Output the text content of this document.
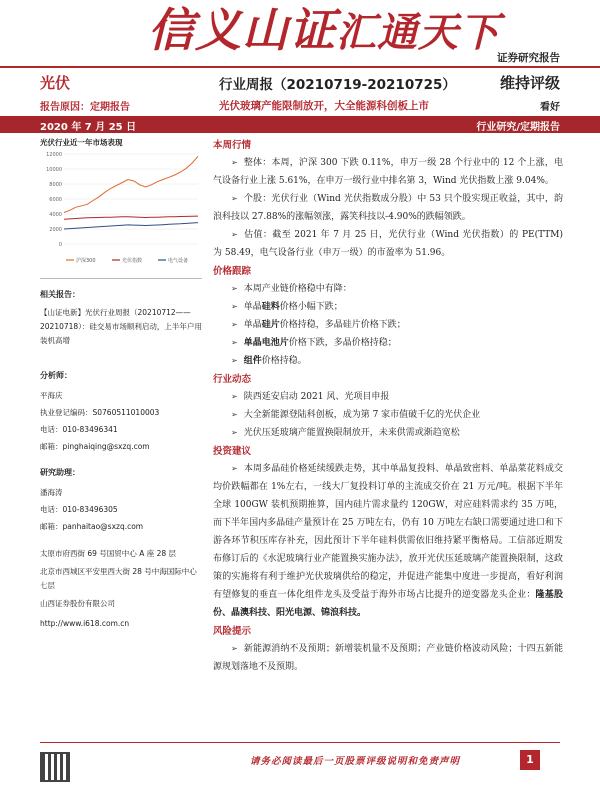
信义山证汇通天下
证券研究报告
光伏	行业周报（20210719-20210725）	维持评级
报告原因：定期报告	光伏玻璃产能限制放开，大全能源科创板上市	看好
2020 年 7 月 25 日	行业研究/定期报告
光伏行业近一年市场表现
12000
10000
8000
6000
4000
2000
0
沪深300	光伏指数	电气设备
相关报告：
【山证电新】光伏行业周报（20210712——20210718）：硅交易市场顺利启动，上半年户用装机高增
分析师：
平海庆
执业登记编码：S0760511010003
电话：010-83496341
邮箱：pinghaiqing@sxzq.com
研究助理：
潘海涛
电话：010-83496305
邮箱：panhaitao@sxzq.com
太原市府西街 69 号国贸中心 A 座 28 层
北京市西城区平安里西大街 28 号中海国际中心七层
山西证券股份有限公司
http://www.i618.com.cn
本周行情
➢ 整体：本周，沪深 300 下跌 0.11%，申万一级 28 个行业中的 12 个上涨，电气设备行业上涨 5.61%，在申万一级行业中排名第 3，Wind 光伏指数上涨 9.04%。
➢ 个股：光伏行业（Wind 光伏指数成分股）中 53 只个股实现正收益，其中，韵浪科技以 27.88%的涨幅领涨，露笑科技以-4.90%的跌幅领跌。
➢ 估值：截至 2021 年 7 月 25 日，光伏行业（Wind 光伏指数）的 PE(TTM) 为 58.49，电气设备行业（申万一级）的市盈率为 51.96。
价格跟踪
➢ 本周产业链价格稳中有降：
➢ 单晶硅料价格小幅下跌；
➢ 单晶硅片价格持稳，多晶硅片价格下跌；
➢ 单晶电池片价格下跌，多晶价格持稳；
➢ 组件价格持稳。
行业动态
➢ 陕西延安启动 2021 风、光项目申报
➢ 大全新能源登陆科创板，成为第 7 家市值破千亿的光伏企业
➢ 光伏压延玻璃产能置换限制放开，未来供需或渐趋宽松
投资建议
➢ 本周多晶硅价格延续缓跌走势，其中单晶复投料、单晶致密料、单晶菜花料成交均价跌幅都在 1%左右，一线大厂复投料订单的主流成交价在 21 万元/吨。根据下半年全球 100GW 装机预期推算，国内硅片需求量约 120GW，对应硅料需求约 35 万吨，而下半年国内多晶硅产量预计在 25 万吨左右，仍有 10 万吨左右缺口需要通过进口和下游各环节积压库存补充，因此预计下半年硅料供需依旧维持紧平衡格局。工信部近期发布修订后的《水泥玻璃行业产能置换实施办法》，放开光伏压延玻璃产能置换限制，这政策的实施将有利于维护光伏玻璃供给的稳定，并促进产能集中度进一步提高，看好利润有望修复的垂直一体化组件龙头及受益于海外市场占比提升的逆变器龙头企业：隆基股份、晶澳科技、阳光电源、锦浪科技。
风险提示
➢ 新能源消纳不及预期；新增装机量不及预期；产业链价格波动风险；十四五新能源规划落地不及预期。
请务必阅读最后一页股票评级说明和免责声明	1
